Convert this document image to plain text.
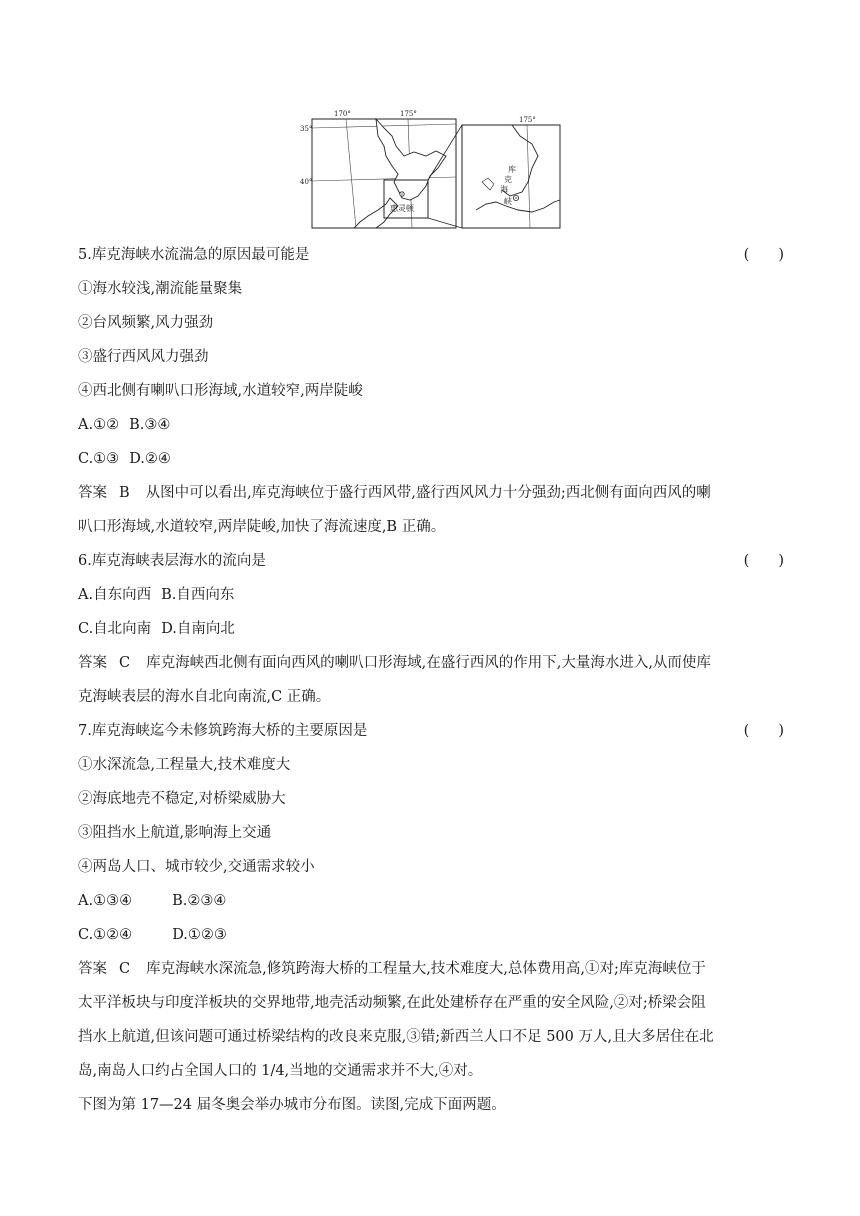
170°	175°
35°
40°
175°
惠灵顿
库
克
海
峡
5.库克海峡水流湍急的原因最可能是	(　　)
①海水较浅,潮流能量聚集
②台风频繁,风力强劲
③盛行西风风力强劲
④西北侧有喇叭口形海域,水道较窄,两岸陡峻
A.①② B.③④
C.①③ D.②④
答案 B 从图中可以看出,库克海峡位于盛行西风带,盛行西风风力十分强劲;西北侧有面向西风的喇
叭口形海域,水道较窄,两岸陡峻,加快了海流速度,B 正确。
6.库克海峡表层海水的流向是	(　　)
A.自东向西 B.自西向东
C.自北向南 D.自南向北
答案 C 库克海峡西北侧有面向西风的喇叭口形海域,在盛行西风的作用下,大量海水进入,从而使库
克海峡表层的海水自北向南流,C 正确。
7.库克海峡迄今未修筑跨海大桥的主要原因是	(　　)
①水深流急,工程量大,技术难度大
②海底地壳不稳定,对桥梁威胁大
③阻挡水上航道,影响海上交通
④两岛人口、城市较少,交通需求较小
A.①③④	B.②③④
C.①②④	D.①②③
答案 C 库克海峡水深流急,修筑跨海大桥的工程量大,技术难度大,总体费用高,①对;库克海峡位于
太平洋板块与印度洋板块的交界地带,地壳活动频繁,在此处建桥存在严重的安全风险,②对;桥梁会阻
挡水上航道,但该问题可通过桥梁结构的改良来克服,③错;新西兰人口不足 500 万人,且大多居住在北
岛,南岛人口约占全国人口的 1/4,当地的交通需求并不大,④对。
下图为第 17—24 届冬奥会举办城市分布图。读图,完成下面两题。
